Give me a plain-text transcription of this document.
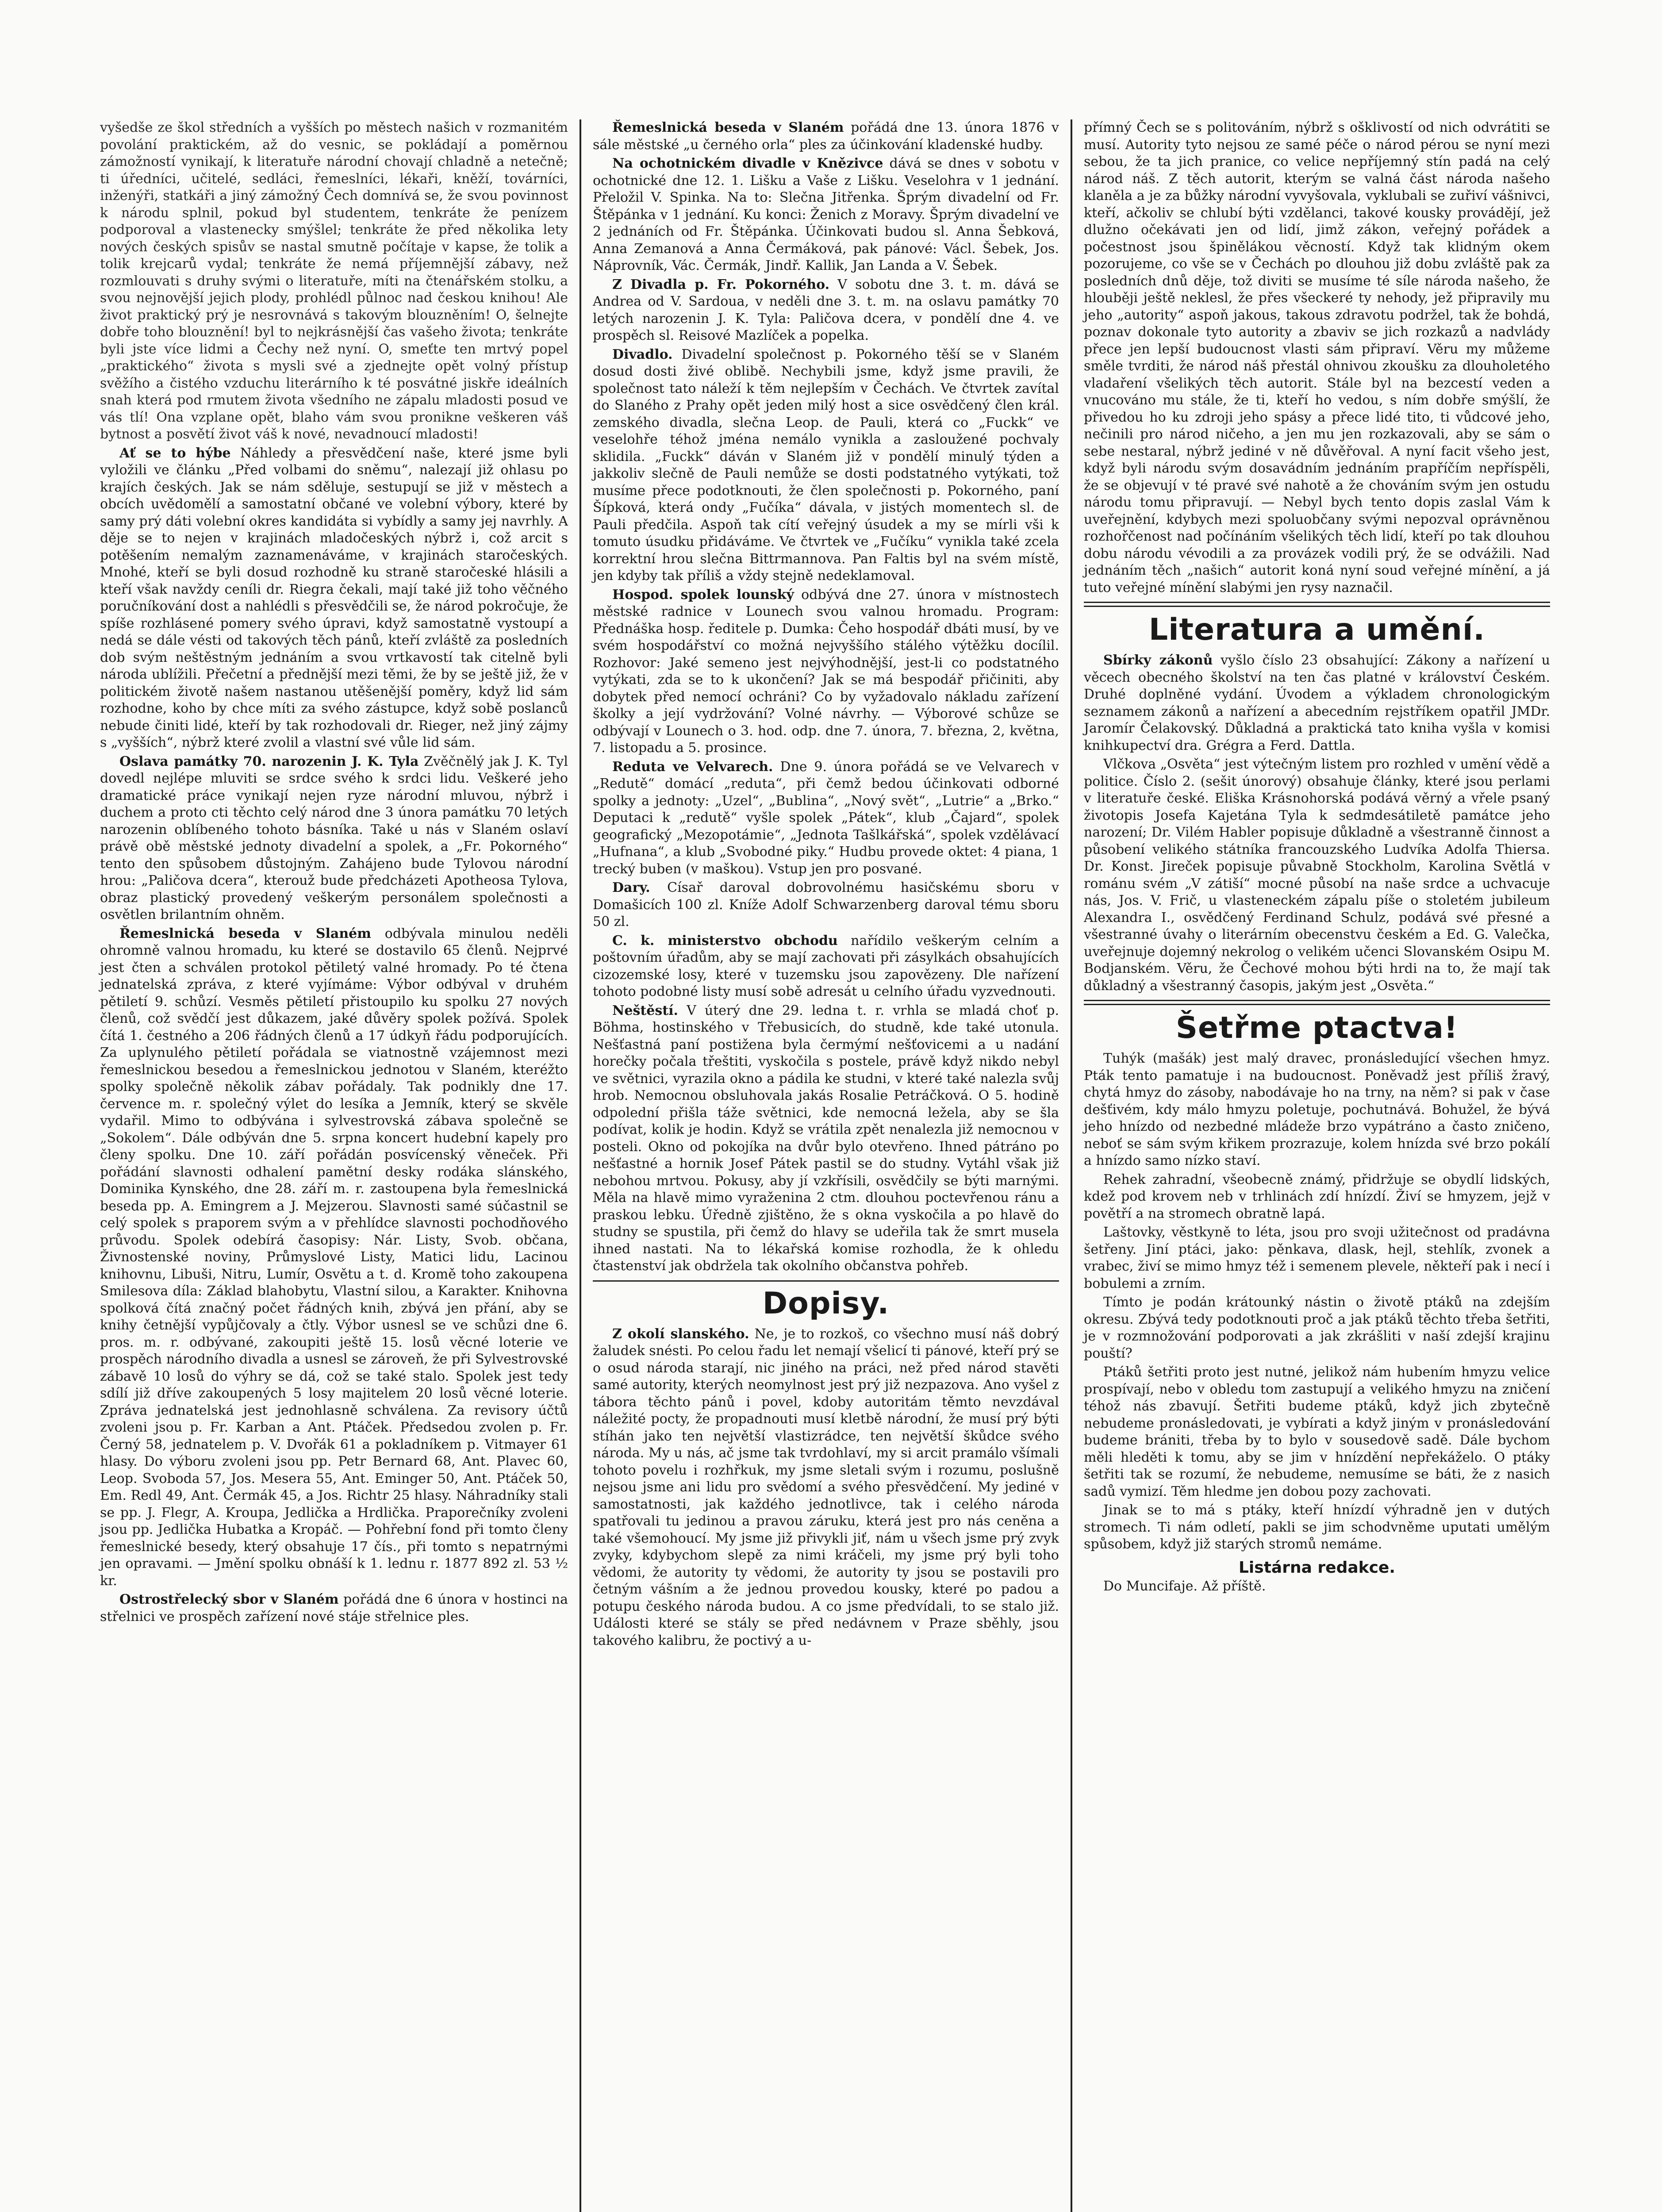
vyšedše ze škol středních a vyšších po městech našich v rozmanitém povolání praktickém, až do vesnic, se pokládají a poměrnou zámožností vynikají, k literatuře národní chovají chladně a netečně; ti úředníci, učitelé, sedláci, řemeslníci, lékaři, kněží, továrníci, inženýři, statkáři a jiný zámožný Čech domnívá se, že svou povinnost k národu splnil, pokud byl studentem, tenkráte že penízem podporoval a vlastenecky smýšlel; tenkráte že před několika lety nových českých spisův se nastal smutně počítaje v kapse, že tolik a tolik krejcarů vydal; tenkráte že nemá příjemnější zábavy, než rozmlouvati s druhy svými o literatuře, míti na čtenářském stolku, a svou nejnovější jejich plody, prohlédl půlnoc nad českou knihou! Ale život praktický prý je nesrovnává s takovým blouzněním! O, šelnejte dobře toho blouznění! byl to nejkrásnější čas vašeho života; tenkráte byli jste více lidmi a Čechy než nyní. O, smeťte ten mrtvý popel „praktického“ života s mysli své a zjednejte opět volný přístup svěžího a čistého vzduchu literárního k té posvátné jiskře ideálních snah která pod rmutem života všedního ne zápalu mladosti posud ve vás tlí! Ona vzplane opět, blaho vám svou pronikne veškeren váš bytnost a posvětí život váš k nové, nevadnoucí mladosti!

Ať se to hýbe Náhledy a přesvědčení naše, které jsme byli vyložili ve článku „Před volbami do sněmu“, nalezají již ohlasu po krajích českých. Jak se nám sděluje, sestupují se již v městech a obcích uvědomělí a samostatní občané ve volební výbory, které by samy prý dáti volební okres kandidáta si vybídly a samy jej navrhly. A děje se to nejen v krajinách mladočeských nýbrž i, což arcit s potěšením nemalým zaznamenáváme, v krajinách staročeských. Mnohé, kteří se byli dosud rozhodně ku straně staročeské hlásili a kteří však navždy ceníli dr. Riegra čekali, mají také již toho věčného poručníkování dost a nahlédli s přesvědčili se, že národ pokročuje, že spíše rozhlásené pomery svého úpravi, když samostatně vystoupí a nedá se dále vésti od takových těch pánů, kteří zvláště za posledních dob svým neštěstným jednáním a svou vrtkavostí tak citelně byli národa ublížili. Přečetní a přednější mezi těmi, že by se ještě již, že v politickém životě našem nastanou utěšenější poměry, když lid sám rozhodne, koho by chce míti za svého zástupce, když sobě poslanců nebude činiti lidé, kteří by tak rozhodovali dr. Rieger, než jiný zájmy s „vyšších“, nýbrž které zvolil a vlastní své vůle lid sám.

Oslava památky 70. narozenin J. K. Tyla Zvěčnělý jak J. K. Tyl dovedl nejlépe mluviti se srdce svého k srdci lidu. Veškeré jeho dramatické práce vynikají nejen ryze národní mluvou, nýbrž i duchem a proto cti těchto celý národ dne 3 února památku 70 letých narozenin oblíbeného tohoto básníka. Také u nás v Slaném oslaví právě obě městské jednoty divadelní a spolek, a „Fr. Pokorného“ tento den spůsobem důstojným. Zahájeno bude Tylovou národní hrou: „Paličova dcera“, kterouž bude předcházeti Apotheosa Tylova, obraz plastický provedený veškerým personálem společnosti a osvětlen brilantním ohněm.

Řemeslnická beseda v Slaném odbývala minulou neděli ohromně valnou hromadu, ku které se dostavilo 65 členů. Nejprvé jest čten a schválen protokol pětiletý valné hromady. Po té čtena jednatelská zpráva, z které vyjímáme: Výbor odbýval v druhém pětiletí 9. schůzí. Vesměs pětiletí přistoupilo ku spolku 27 nových členů, což svědčí jest důkazem, jaké důvěry spolek požívá. Spolek čítá 1. čestného a 206 řádných členů a 17 údkyň řádu podporujících. Za uplynulého pětiletí pořádala se viatnostně vzájemnost mezi řemeslnickou besedou a řemeslnickou jednotou v Slaném, kteréžto spolky společně několik zábav pořádaly. Tak podnikly dne 17. července m. r. společný výlet do lesíka a Jemník, který se skvěle vydařil. Mimo to odbývána i sylvestrovská zábava společně se „Sokolem“. Dále odbýván dne 5. srpna koncert hudební kapely pro členy spolku. Dne 10. září pořádán posvícenský věneček. Při pořádání slavnosti odhalení pamětní desky rodáka slánského, Dominika Kynského, dne 28. září m. r. zastoupena byla řemeslnická beseda pp. A. Emingrem a J. Mejzerou. Slavnosti samé súčastnil se celý spolek s praporem svým a v přehlídce slavnosti pochodňového průvodu. Spolek odebírá časopisy: Nár. Listy, Svob. občana, Živnostenské noviny, Průmyslové Listy, Matici lidu, Lacinou knihovnu, Libuši, Nitru, Lumír, Osvětu a t. d. Kromě toho zakoupena Smilesova díla: Základ blahobytu, Vlastní silou, a Karakter. Knihovna spolková čítá značný počet řádných knih, zbývá jen přání, aby se knihy četnější vypůjčovaly a čtly. Výbor usnesl se ve schůzi dne 6. pros. m. r. odbývané, zakoupiti ještě 15. losů věcné loterie ve prospěch národního divadla a usnesl se zároveň, že při Sylvestrovské zábavě 10 losů do výhry se dá, což se také stalo. Spolek jest tedy sdílí již dříve zakoupených 5 losy majitelem 20 losů věcné loterie. Zpráva jednatelská jest jednohlasně schválena. Za revisory účtů zvoleni jsou p. Fr. Karban a Ant. Ptáček. Předsedou zvolen p. Fr. Černý 58, jednatelem p. V. Dvořák 61 a pokladníkem p. Vitmayer 61 hlasy. Do výboru zvoleni jsou pp. Petr Bernard 68, Ant. Plavec 60, Leop. Svoboda 57, Jos. Mesera 55, Ant. Eminger 50, Ant. Ptáček 50, Em. Redl 49, Ant. Čermák 45, a Jos. Richtr 25 hlasy. Náhradníky stali se pp. J. Flegr, A. Kroupa, Jedlička a Hrdlička. Praporečníky zvoleni jsou pp. Jedlička Hubatka a Kropáč. — Pohřební fond při tomto členy řemeslnické besedy, který obsahuje 17 čís., při tomto s nepatrnými jen opravami. — Jmění spolku obnáší k 1. lednu r. 1877 892 zl. 53 ½ kr.

Ostrostřelecký sbor v Slaném pořádá dne 6 února v hostinci na střelnici ve prospěch zařízení nové stáje střelnice ples.

Řemeslnická beseda v Slaném pořádá dne 13. února 1876 v sále městské „u černého orla“ ples za účinkování kladenské hudby.

Na ochotnickém divadle v Knězivce dává se dnes v sobotu v ochotnické dne 12. 1. Lišku a Vaše z Lišku. Veselohra v 1 jednání. Přeložil V. Spinka. Na to: Slečna Jitřenka. Šprým divadelní od Fr. Štěpánka v 1 jednání. Ku konci: Ženich z Moravy. Šprým divadelní ve 2 jednáních od Fr. Štěpánka. Účinkovati budou sl. Anna Šebková, Anna Zemanová a Anna Čermáková, pak pánové: Václ. Šebek, Jos. Náprovník, Vác. Čermák, Jindř. Kallik, Jan Landa a V. Šebek.

Z Divadla p. Fr. Pokorného. V sobotu dne 3. t. m. dává se Andrea od V. Sardoua, v neděli dne 3. t. m. na oslavu památky 70 letých narozenin J. K. Tyla: Paličova dcera, v pondělí dne 4. ve prospěch sl. Reisové Mazlíček a popelka.

Divadlo. Divadelní společnost p. Pokorného těší se v Slaném dosud dosti živé oblibě. Nechybili jsme, když jsme pravili, že společnost tato náleží k těm nejlepším v Čechách. Ve čtvrtek zavítal do Slaného z Prahy opět jeden milý host a sice osvědčený člen král. zemského divadla, slečna Leop. de Pauli, která co „Fuckk“ ve veselohře téhož jména nemálo vynikla a zasloužené pochvaly sklidila. „Fuckk“ dáván v Slaném již v pondělí minulý týden a jakkoliv slečně de Pauli nemůže se dosti podstatného vytýkati, tož musíme přece podotknouti, že člen společnosti p. Pokorného, paní Šípková, která ondy „Fučíka“ dávala, v jistých momentech sl. de Pauli předčila. Aspoň tak cítí veřejný úsudek a my se mírli vši k tomuto úsudku přidáváme. Ve čtvrtek ve „Fučíku“ vynikla také zcela korrektní hrou slečna Bittrmannova. Pan Faltis byl na svém místě, jen kdyby tak příliš a vždy stejně nedeklamoval.

Hospod. spolek lounský odbývá dne 27. února v místnostech městské radnice v Lounech svou valnou hromadu. Program: Přednáška hosp. ředitele p. Dumka: Čeho hospodář dbáti musí, by ve svém hospodářství co možná nejvyššího stálého výtěžku docílil. Rozhovor: Jaké semeno jest nejvýhodnější, jest-li co podstatného vytýkati, zda se to k ukončení? Jak se má bespodář přičiniti, aby dobytek před nemocí ochráni? Co by vyžadovalo nákladu zařízení školky a její vydržování? Volné návrhy. — Výborové schůze se odbývají v Lounech o 3. hod. odp. dne 7. února, 7. března, 2, května, 7. listopadu a 5. prosince.

Reduta ve Velvarech. Dne 9. února pořádá se ve Velvarech v „Redutě“ domácí „reduta“, při čemž bedou účinkovati odborné spolky a jednoty: „Uzel“, „Bublina“, „Nový svět“, „Lutrie“ a „Brko.“ Deputaci k „redutě“ vyšle spolek „Pátek“, klub „Čajard“, spolek geografický „Mezopotámie“, „Jednota Tašlkářská“, spolek vzdělávací „Hufnana“, a klub „Svobodné piky.“ Hudbu provede oktet: 4 piana, 1 trecký buben (v maškou). Vstup jen pro posvané.

Dary. Císař daroval dobrovolnému hasičskému sboru v Domašicích 100 zl. Kníže Adolf Schwarzenberg daroval tému sboru 50 zl.

C. k. ministerstvo obchodu nařídilo veškerým celním a poštovním úřadům, aby se mají zachovati při zásylkách obsahujících cizozemské losy, které v tuzemsku jsou zapovězeny. Dle nařízení tohoto podobné listy musí sobě adresát u celního úřadu vyzvednouti.

Neštěstí. V úterý dne 29. ledna t. r. vrhla se mladá choť p. Böhma, hostinského v Třebusicích, do studně, kde také utonula. Nešťastná paní postižena byla čermýmí nešťovicemi a u nadání horečky počala třeštiti, vyskočila s postele, právě když nikdo nebyl ve světnici, vyrazila okno a pádila ke studni, v které také nalezla svůj hrob. Nemocnou obsluhovala jakás Rosalie Petráčková. O 5. hodině odpolední přišla táže světnici, kde nemocná ležela, aby se šla podívat, kolik je hodin. Když se vrátila zpět nenalezla již nemocnou v posteli. Okno od pokojíka na dvůr bylo otevřeno. Ihned pátráno po nešťastné a hornik Josef Pátek pastil se do studny. Vytáhl však již nebohou mrtvou. Pokusy, aby jí vzkřísili, osvědčily se býti marnými. Měla na hlavě mimo vyraženina 2 ctm. dlouhou poctevřenou ránu a praskou lebku. Úředně zjištěno, že s okna vyskočila a po hlavě do studny se spustila, při čemž do hlavy se udeřila tak že smrt musela ihned nastati. Na to lékařská komise rozhodla, že k ohledu čtastenství jak obdržela tak okolního občanstva pohřeb.

Dopisy.

Z okolí slanského. Ne, je to rozkoš, co všechno musí náš dobrý žaludek snésti. Po celou řadu let nemají všelicí ti pánové, kteří prý se o osud národa starají, nic jiného na práci, než před národ stavěti samé autority, kterých neomylnost jest prý již nezpazova. Ano vyšel z tábora těchto pánů i povel, kdoby autoritám těmto nevzdával náležité pocty, že propadnouti musí kletbě národní, že musí prý býti stíhán jako ten největší vlastizrádce, ten největší škůdce svého národa. My u nás, ač jsme tak tvrdohlaví, my si arcit pramálo všímali tohoto povelu i rozhřkuk, my jsme sletali svým i rozumu, poslušně nejsou jsme ani lidu pro svědomí a svého přesvědčení. My jediné v samostatnosti, jak každého jednotlivce, tak i celého národa spatřovali tu jedinou a pravou záruku, která jest pro nás ceněna a také všemohoucí. My jsme již přivykli jiť, nám u všech jsme prý zvyk zvyky, kdybychom slepě za nimi kráčeli, my jsme prý byli toho vědomi, že autority ty vědomi, že autority ty jsou se postavili pro četným vášním a že jednou provedou kousky, které po padou a potupu českého národa budou. A co jsme předvídali, to se stalo již. Události které se stály se před nedávnem v Praze sběhly, jsou takového kalibru, že poctivý a u-

přímný Čech se s politováním, nýbrž s ošklivostí od nich odvrátiti se musí. Autority tyto nejsou ze samé péče o národ pérou se nyní mezi sebou, že ta jich pranice, co velice nepříjemný stín padá na celý národ náš. Z těch autorit, kterým se valná část národa našeho klaněla a je za bůžky národní vyvyšovala, vyklubali se zuřiví vášnivci, kteří, ačkoliv se chlubí býti vzdělanci, takové kousky provádějí, jež dlužno očekávati jen od lidí, jimž zákon, veřejný pořádek a počestnost jsou špinělákou věcností. Když tak klidným okem pozorujeme, co vše se v Čechách po dlouhou již dobu zvláště pak za posledních dnů děje, tož diviti se musíme té síle národa našeho, že hlouběji ještě neklesl, že přes všeckeré ty nehody, jež připravily mu jeho „autority“ aspoň jakous, takous zdravotu podržel, tak že bohdá, poznav dokonale tyto autority a zbaviv se jich rozkazů a nadvlády přece jen lepší budoucnost vlasti sám připraví. Věru my můžeme směle tvrditi, že národ náš přestál ohnivou zkoušku za dlouholetého vladaření všelikých těch autorit. Stále byl na bezcestí veden a vnucováno mu stále, že ti, kteří ho vedou, s ním dobře smýšlí, že přivedou ho ku zdroji jeho spásy a přece lidé tito, ti vůdcové jeho, nečinili pro národ ničeho, a jen mu jen rozkazovali, aby se sám o sebe nestaral, nýbrž jediné v ně důvěřoval. A nyní facit všeho jest, když byli národu svým dosavádním jednáním prapříčím nepříspěli, že se objevují v té pravé své nahotě a že chováním svým jen ostudu národu tomu připravují. — Nebyl bych tento dopis zaslal Vám k uveřejnění, kdybych mezi spoluobčany svými nepozval oprávněnou rozhořčenost nad počínáním všelikých těch lidí, kteří po tak dlouhou dobu národu vévodili a za provázek vodili prý, že se odvážili. Nad jednáním těch „našich“ autorit koná nyní soud veřejné mínění, a já tuto veřejné mínění slabými jen rysy naznačil.

Literatura a umění.

Sbírky zákonů vyšlo číslo 23 obsahující: Zákony a nařízení u věcech obecného školství na ten čas platné v království Českém. Druhé doplněné vydání. Úvodem a výkladem chronologickým seznamem zákonů a nařízení a abecedním rejstříkem opatřil JMDr. Jaromír Čelakovský. Důkladná a praktická tato kniha vyšla v komisi knihkupectví dra. Grégra a Ferd. Dattla.

Vlčkova „Osvěta“ jest výtečným listem pro rozhled v umění vědě a politice. Číslo 2. (sešit únorový) obsahuje články, které jsou perlami v literatuře české. Eliška Krásnohorská podává věrný a vřele psaný životopis Josefa Kajetána Tyla k sedmdesátiletě památce jeho narození; Dr. Vilém Habler popisuje důkladně a všestranně činnost a působení velikého státníka francouzského Ludvíka Adolfa Thiersa. Dr. Konst. Jireček popisuje půvabně Stockholm, Karolina Světlá v románu svém „V zátiší“ mocné působí na naše srdce a uchvacuje nás, Jos. V. Frič, u vlasteneckém zápalu píše o stoletém jubileum Alexandra I., osvědčený Ferdinand Schulz, podává své přesné a všestranné úvahy o literárním obecenstvu českém a Ed. G. Valečka, uveřejnuje dojemný nekrolog o velikém učenci Slovanském Osipu M. Bodjanském. Věru, že Čechové mohou býti hrdi na to, že mají tak důkladný a všestranný časopis, jakým jest „Osvěta.“

Šetřme ptactva!

Tuhýk (mašák) jest malý dravec, pronásledující všechen hmyz. Pták tento pamatuje i na budoucnost. Poněvadž jest příliš žravý, chytá hmyz do zásoby, nabodávaje ho na trny, na něm? si pak v čase dešťivém, kdy málo hmyzu poletuje, pochutnává. Bohužel, že bývá jeho hnízdo od nezbedné mládeže brzo vypátráno a často zničeno, neboť se sám svým křikem prozrazuje, kolem hnízda své brzo pokálí a hnízdo samo nízko staví.

Rehek zahradní, všeobecně známý, přidržuje se obydlí lidských, kdež pod krovem neb v trhlinách zdí hnízdí. Živí se hmyzem, jejž v povětří a na stromech obratně lapá.

Laštovky, věstkyně to léta, jsou pro svoji užitečnost od pradávna šetřeny. Jiní ptáci, jako: pěnkava, dlask, hejl, stehlík, zvonek a vrabec, živí se mimo hmyz též i semenem plevele, někteří pak i necí i bobulemi a zrním.

Tímto je podán krátounký nástin o životě ptáků na zdejším okresu. Zbývá tedy podotknouti proč a jak ptáků těchto třeba šetřiti, je v rozmnožování podporovati a jak zkrášliti v naší zdejší krajinu pouští?

Ptáků šetřiti proto jest nutné, jelikož nám hubením hmyzu velice prospívají, nebo v obledu tom zastupují a velikého hmyzu na zničení téhož nás zbavují. Šetřiti budeme ptáků, když jich zbytečně nebudeme pronásledovati, je vybírati a když jiným v pronásledování budeme brániti, třeba by to bylo v sousedově sadě. Dále bychom měli hleděti k tomu, aby se jim v hnízdění nepřekáželo. O ptáky šetřiti tak se rozumí, že nebudeme, nemusíme se báti, že z nasich sadů vymizí. Těm hledme jen dobou pozy zachovati.

Jinak se to má s ptáky, kteří hnízdí výhradně jen v dutých stromech. Ti nám odletí, pakli se jim schodvněme uputati umělým spůsobem, když již starých stromů nemáme.

Listárna redakce.

Do Muncifaje. Až příště.
